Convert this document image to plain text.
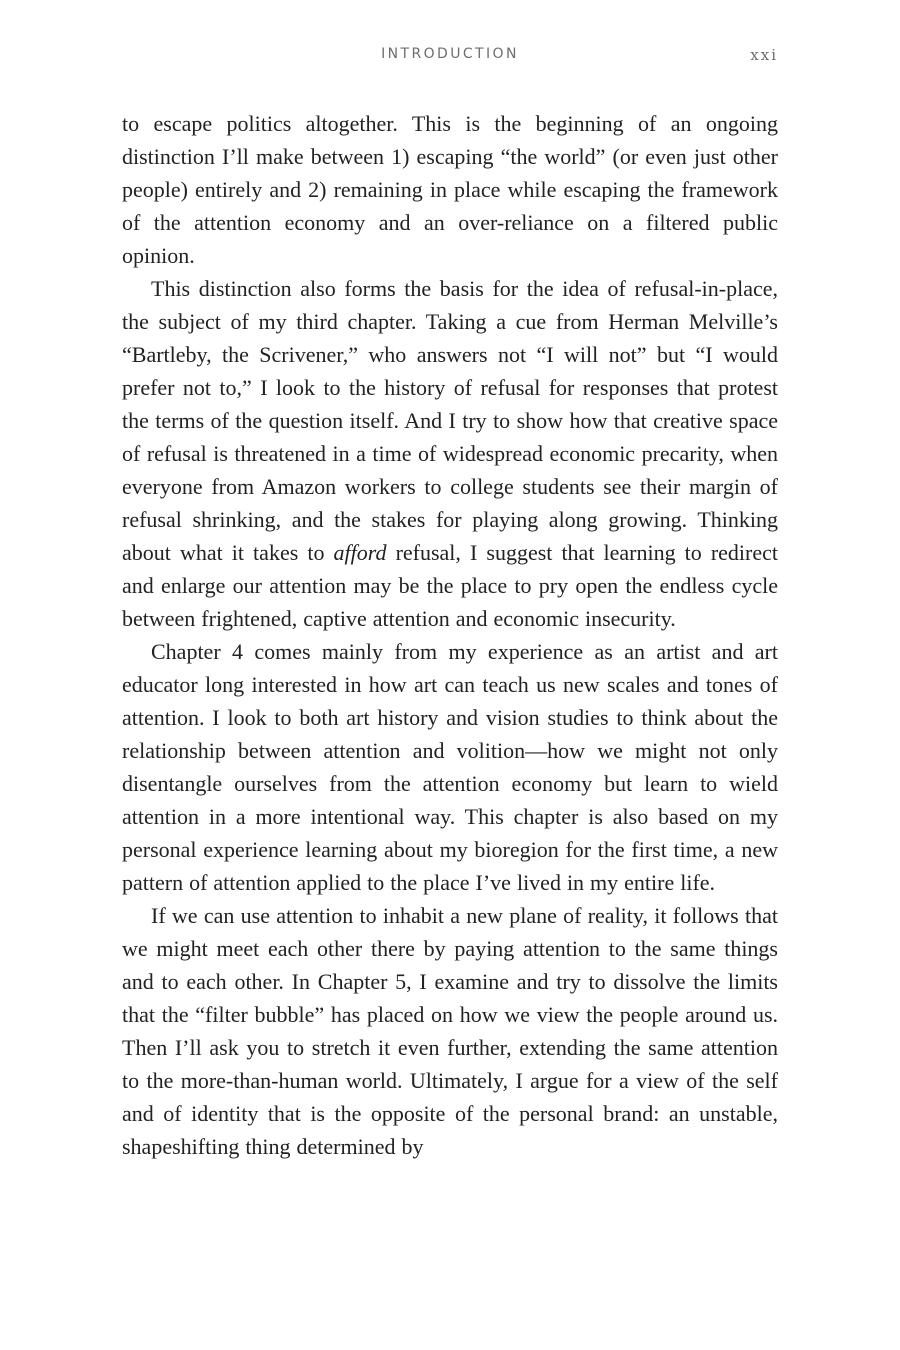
INTRODUCTION	xxi

to escape politics altogether. This is the beginning of an ongoing distinction I’ll make between 1) escaping “the world” (or even just other people) entirely and 2) remaining in place while escaping the framework of the attention economy and an over-reliance on a filtered public opinion.

This distinction also forms the basis for the idea of refusal-in-place, the subject of my third chapter. Taking a cue from Herman Melville’s “Bartleby, the Scrivener,” who answers not “I will not” but “I would prefer not to,” I look to the history of refusal for responses that protest the terms of the question itself. And I try to show how that creative space of refusal is threatened in a time of widespread economic precarity, when everyone from Amazon workers to college students see their margin of refusal shrinking, and the stakes for playing along growing. Thinking about what it takes to afford refusal, I suggest that learning to redirect and enlarge our attention may be the place to pry open the endless cycle between frightened, captive attention and economic insecurity.

Chapter 4 comes mainly from my experience as an artist and art educator long interested in how art can teach us new scales and tones of attention. I look to both art history and vision studies to think about the relationship between attention and volition—how we might not only disentangle ourselves from the attention economy but learn to wield attention in a more intentional way. This chapter is also based on my personal experience learning about my bioregion for the first time, a new pattern of attention applied to the place I’ve lived in my entire life.

If we can use attention to inhabit a new plane of reality, it follows that we might meet each other there by paying attention to the same things and to each other. In Chapter 5, I examine and try to dissolve the limits that the “filter bubble” has placed on how we view the people around us. Then I’ll ask you to stretch it even further, extending the same attention to the more-than-human world. Ultimately, I argue for a view of the self and of identity that is the opposite of the personal brand: an unstable, shapeshifting thing determined by
